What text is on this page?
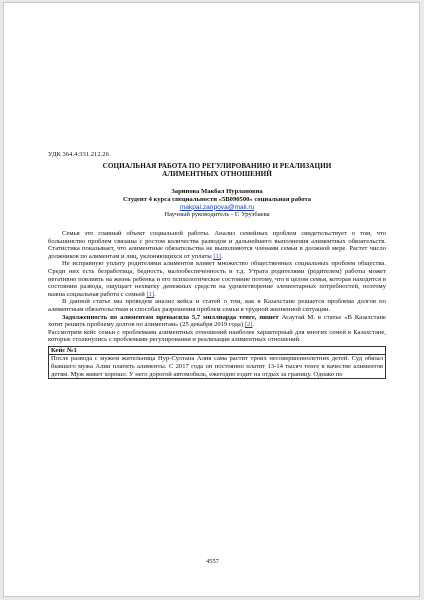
УДК 364.4:331.212.26
СОЦИАЛЬНАЯ РАБОТА ПО РЕГУЛИРОВАНИЮ И РЕАЛИЗАЦИИ
АЛИМЕНТНЫХ ОТНОШЕНИЙ
Заринова Макбал Нурлановна
Студент 4 курса специальности «5В090500» социальная работа
makpal.zaripova@mail.ru
Научный руководитель - Г. Урузбаева

Семья это главный объект социальной работы. Анализ семейных проблем свидетельствует о том, что большинство проблем связаны с ростом количества разводов и дальнейшего выполнения алиментных обязательств. Статистика показывает, что алиментные обязательства не выполняются членами семьи в должной мере. Растет число должников по алиментам и лиц, уклоняющихся от уплаты [1].

Не исправную уплату родителями алиментов влияет множество общественных социальных проблем общества. Среди них есть безработица, бедность, малообеспеченность и т.д. Утрата родителями (родителем) работы может негативно повлиять на жизнь ребенка и его психологическое состояние потому, что в целом семья, которая находится в состоянии развода, ощущает нехватку денежных средств на удовлетворение элементарных потребностей, поэтому важна социальная работа с семьей [1].

В данной статье мы проведем анализ кейса и статей о том, как в Казахстане решается проблема долгов по алиментным обязательствам и способах разрешения проблем семьи в трудной жизненной ситуации.

Задолженность по алиментам превысила 5,7 миллиарда тенге, пишет Асаутай М. в статье «В Казахстане хотят решить проблему долгов по алиментам» (25 декабря 2019 года) [2].

Рассмотрим кейс семьи с проблемами алиментных отношений наиболее характерный для многих семей в Казахстане, которые столкнулись с проблемами регулирования и реализации алиментных отношений.

Кейс №1
После развода с мужем жительница Нур-Султана Алия сама растит троих несовершеннолетних детей. Суд обязал бывшего мужа Алии платить алименты. С 2017 года он постоянно платит 13-14 тысяч тенге в качестве алиментов детям. Муж живет хорошо. У него дорогой автомобиль, ежегодно ездит на отдых за границу. Однако по
4557
